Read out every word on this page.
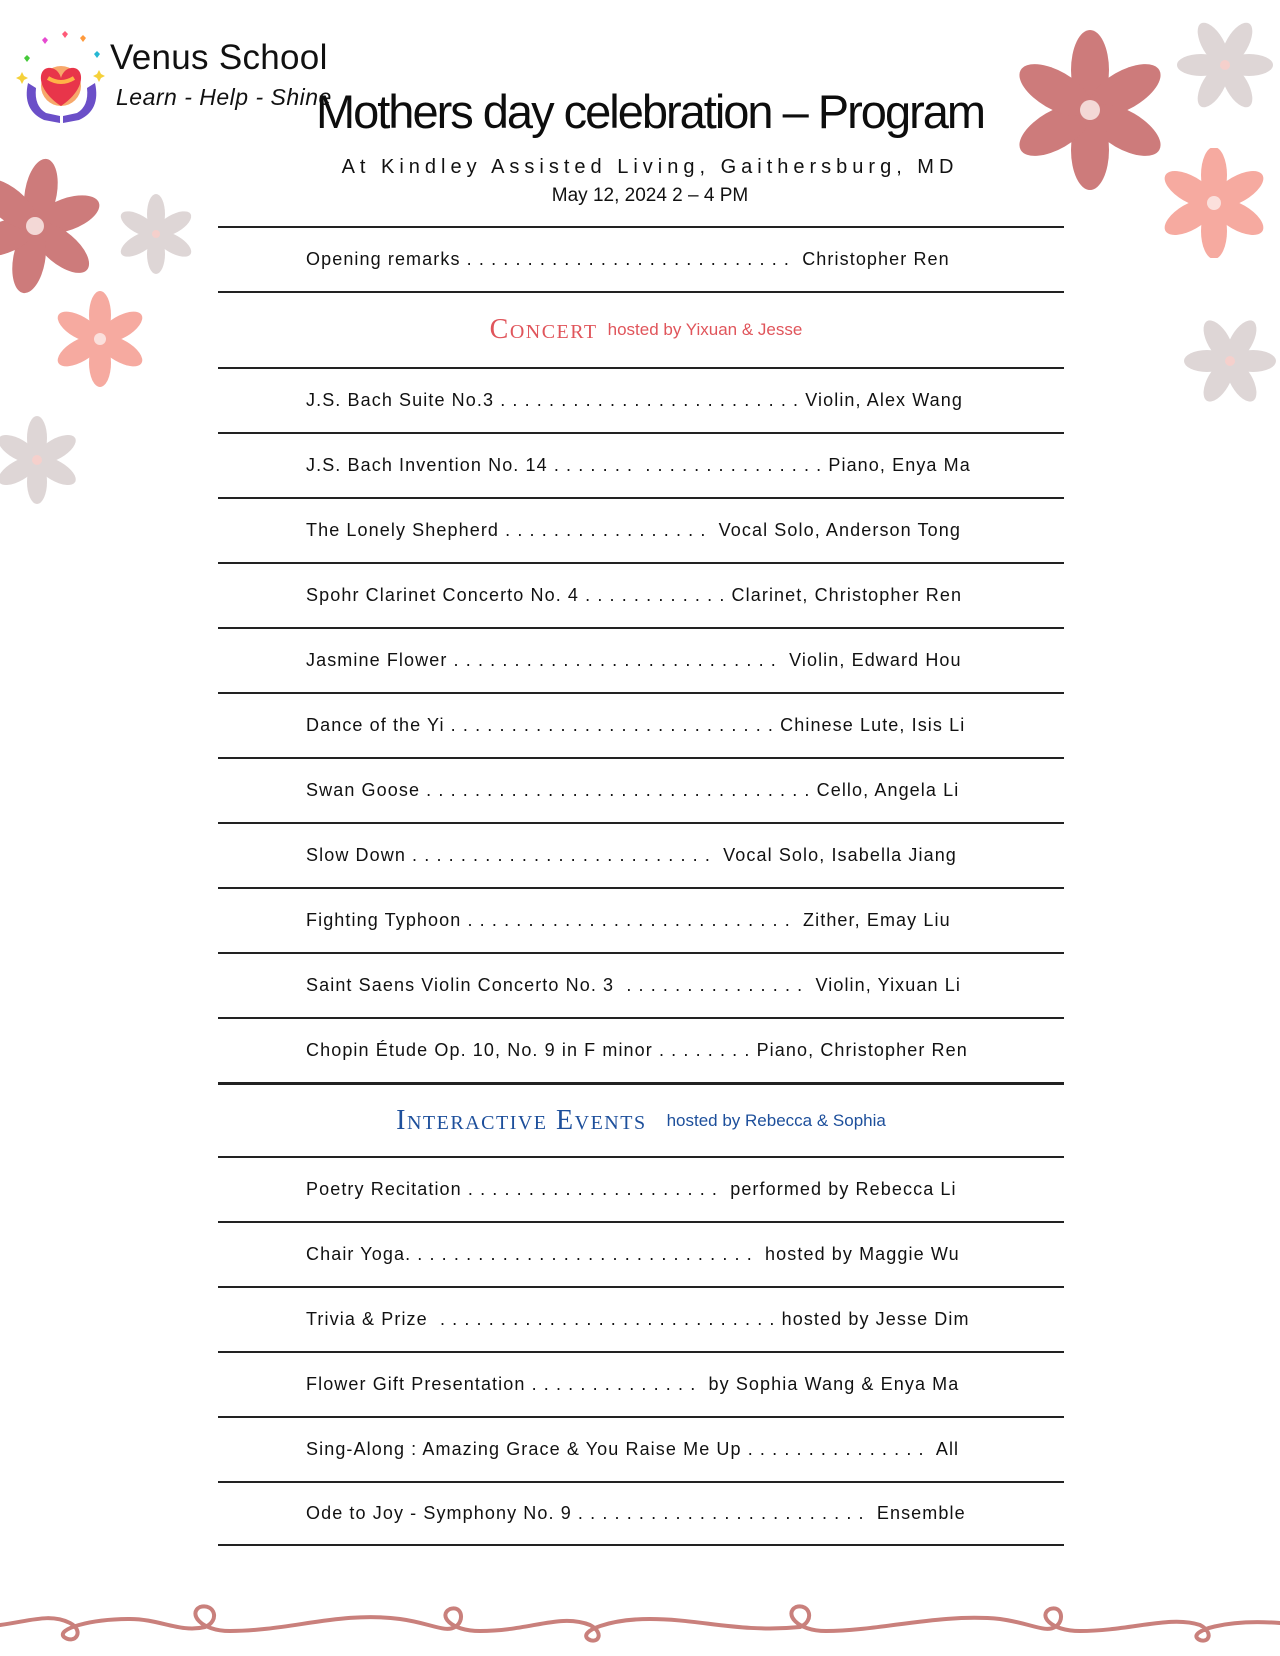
Venus School
Learn - Help - Shine
Mothers day celebration – Program
At Kindley Assisted Living, Gaithersburg, MD
May 12, 2024 2 – 4 PM
Opening remarks . . . . . . . . . . . . . . . . . . . . . . . . . . .  Christopher Ren
Concert hosted by Yixuan & Jesse
J.S. Bach Suite No.3 . . . . . . . . . . . . . . . . . . . . . . . . . Violin, Alex Wang
J.S. Bach Invention No. 14 . . . . . . .  . . . . . . . . . . . . . . . Piano, Enya Ma
The Lonely Shepherd . . . . . . . . . . . . . . . . .  Vocal Solo, Anderson Tong
Spohr Clarinet Concerto No. 4 . . . . . . . . . . . . Clarinet, Christopher Ren
Jasmine Flower . . . . . . . . . . . . . . . . . . . . . . . . . . .  Violin, Edward Hou
Dance of the Yi . . . . . . . . . . . . . . . . . . . . . . . . . . . Chinese Lute, Isis Li
Swan Goose . . . . . . . . . . . . . . . . . . . . . . . . . . . . . . . . Cello, Angela Li
Slow Down . . . . . . . . . . . . . . . . . . . . . . . . .  Vocal Solo, Isabella Jiang
Fighting Typhoon . . . . . . . . . . . . . . . . . . . . . . . . . . .  Zither, Emay Liu
Saint Saens Violin Concerto No. 3  . . . . . . . . . . . . . . .  Violin, Yixuan Li
Chopin Étude Op. 10, No. 9 in F minor . . . . . . . . Piano, Christopher Ren
Interactive Events hosted by Rebecca & Sophia
Poetry Recitation . . . . . . . . . . . . . . . . . . . . .  performed by Rebecca Li
Chair Yoga. . . . . . . . . . . . . . . . . . . . . . . . . . . . .  hosted by Maggie Wu
Trivia & Prize  . . . . . . . . . . . . . . . . . . . . . . . . . . . . hosted by Jesse Dim
Flower Gift Presentation . . . . . . . . . . . . . .  by Sophia Wang & Enya Ma
Sing-Along : Amazing Grace & You Raise Me Up . . . . . . . . . . . . . . .  All
Ode to Joy - Symphony No. 9 . . . . . . . . . . . . . . . . . . . . . . . .  Ensemble
